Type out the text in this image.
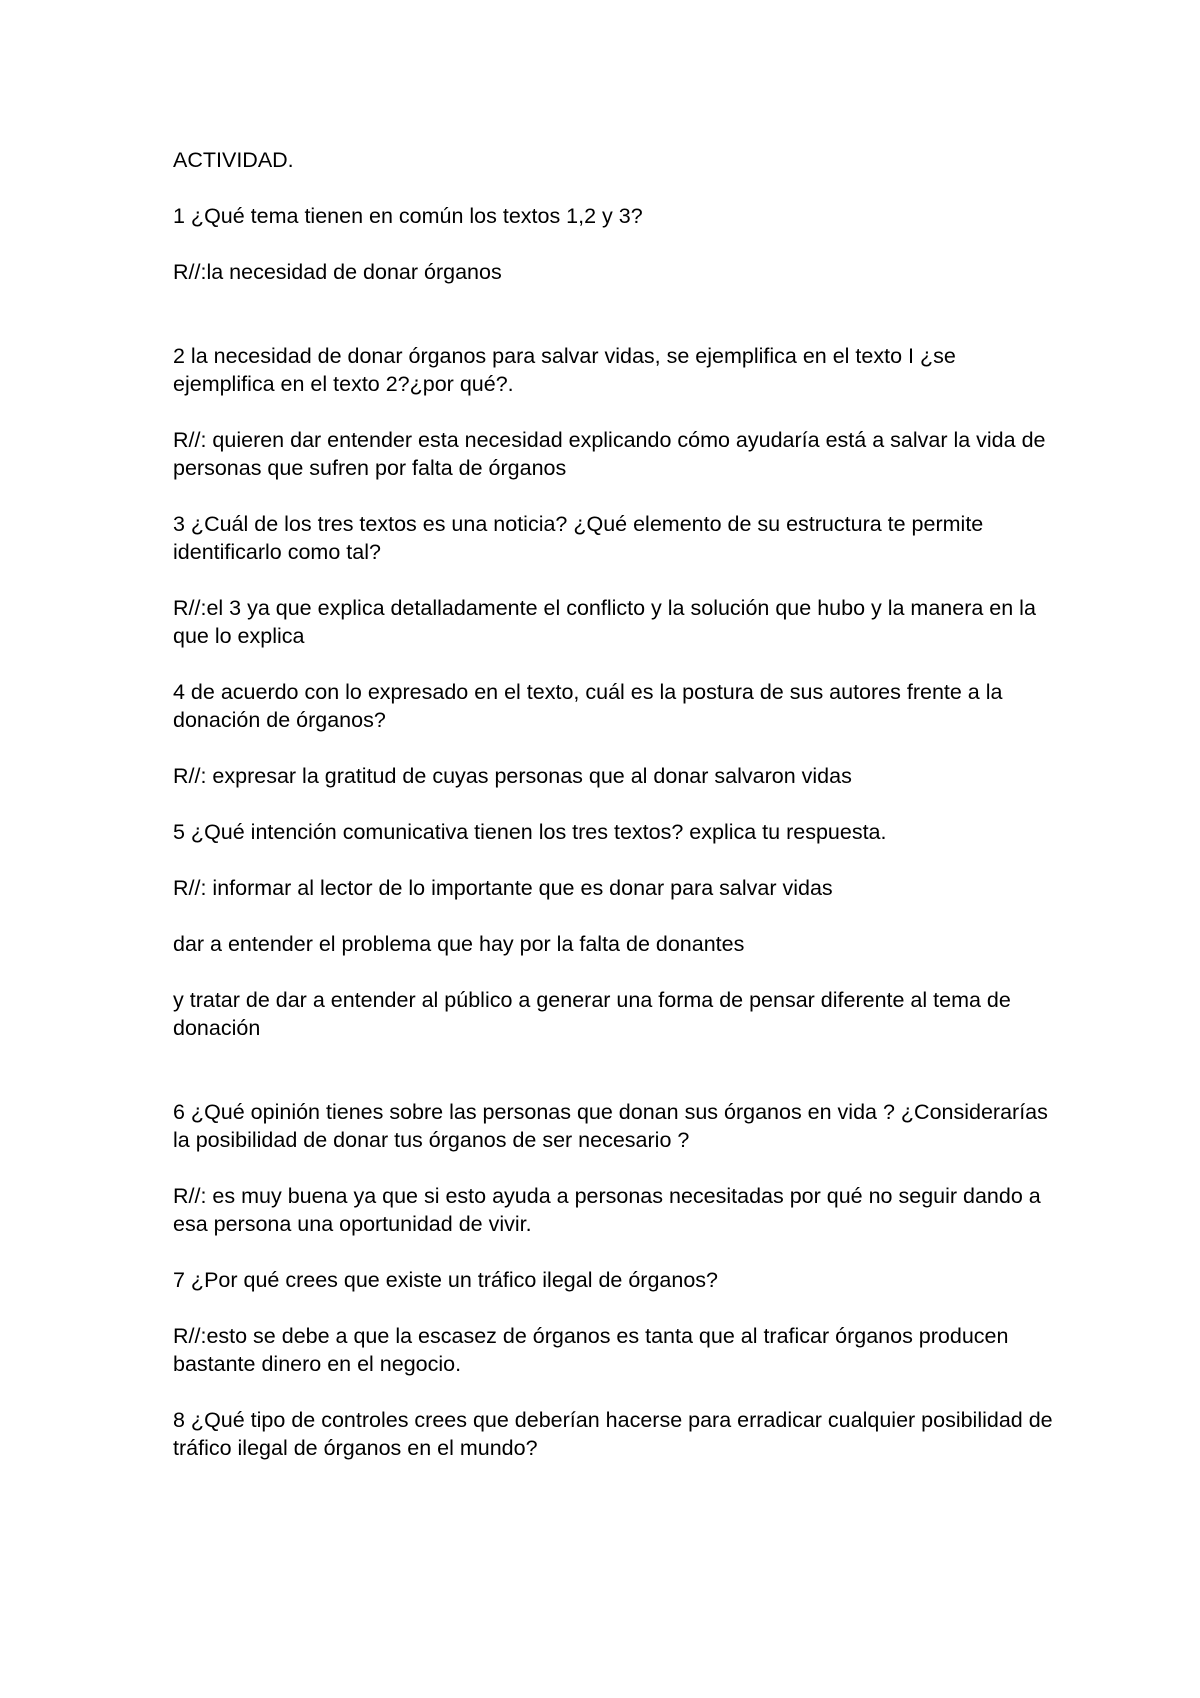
ACTIVIDAD.

1 ¿Qué tema tienen en común los textos 1,2 y 3?

R//:la necesidad de donar órganos

2 la necesidad de donar órganos para salvar vidas, se ejemplifica en el texto I ¿se ejemplifica en el texto 2?¿por qué?.

R//: quieren dar entender esta necesidad explicando cómo ayudaría está a salvar la vida de personas que sufren por falta de órganos

3 ¿Cuál de los tres textos es una noticia? ¿Qué elemento de su estructura te permite identificarlo como tal?

R//:el 3 ya que explica detalladamente el conflicto y la solución que hubo y la manera en la que lo explica

4 de acuerdo con lo expresado en el texto, cuál es la postura de sus autores frente a la donación de órganos?

R//: expresar la gratitud de cuyas personas que al donar salvaron vidas

5 ¿Qué intención comunicativa tienen los tres textos? explica tu respuesta.

R//: informar al lector de lo importante que es donar para salvar vidas

dar a entender el problema que hay por la falta de donantes

y tratar de dar a entender al público a generar una forma de pensar diferente al tema de donación

6 ¿Qué opinión tienes sobre las personas que donan sus órganos en vida ? ¿Considerarías la posibilidad de donar tus órganos de ser necesario ?

R//: es muy buena ya que si esto ayuda a personas necesitadas por qué no seguir dando a esa persona una oportunidad de vivir.

7 ¿Por qué crees que existe un tráfico ilegal de órganos?

R//:esto se debe a que la escasez de órganos es tanta que al traficar órganos producen bastante dinero en el negocio.

8 ¿Qué tipo de controles crees que deberían hacerse para erradicar cualquier posibilidad de tráfico ilegal de órganos en el mundo?
